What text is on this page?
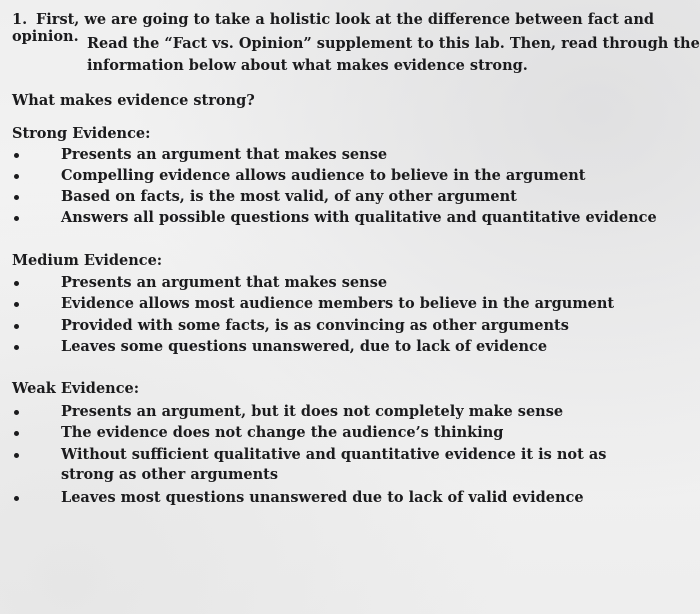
1. First, we are going to take a holistic look at the difference between fact and opinion. Read the “Fact vs. Opinion” supplement to this lab. Then, read through the
information below about what makes evidence strong.
What makes evidence strong?
Strong Evidence:
Presents an argument that makes sense
Compelling evidence allows audience to believe in the argument
Based on facts, is the most valid, of any other argument
Answers all possible questions with qualitative and quantitative evidence
Medium Evidence:
Presents an argument that makes sense
Evidence allows most audience members to believe in the argument
Provided with some facts, is as convincing as other arguments
Leaves some questions unanswered, due to lack of evidence
Weak Evidence:
Presents an argument, but it does not completely make sense
The evidence does not change the audience’s thinking
Without sufficient qualitative and quantitative evidence it is not as strong as other arguments
Leaves most questions unanswered due to lack of valid evidence
